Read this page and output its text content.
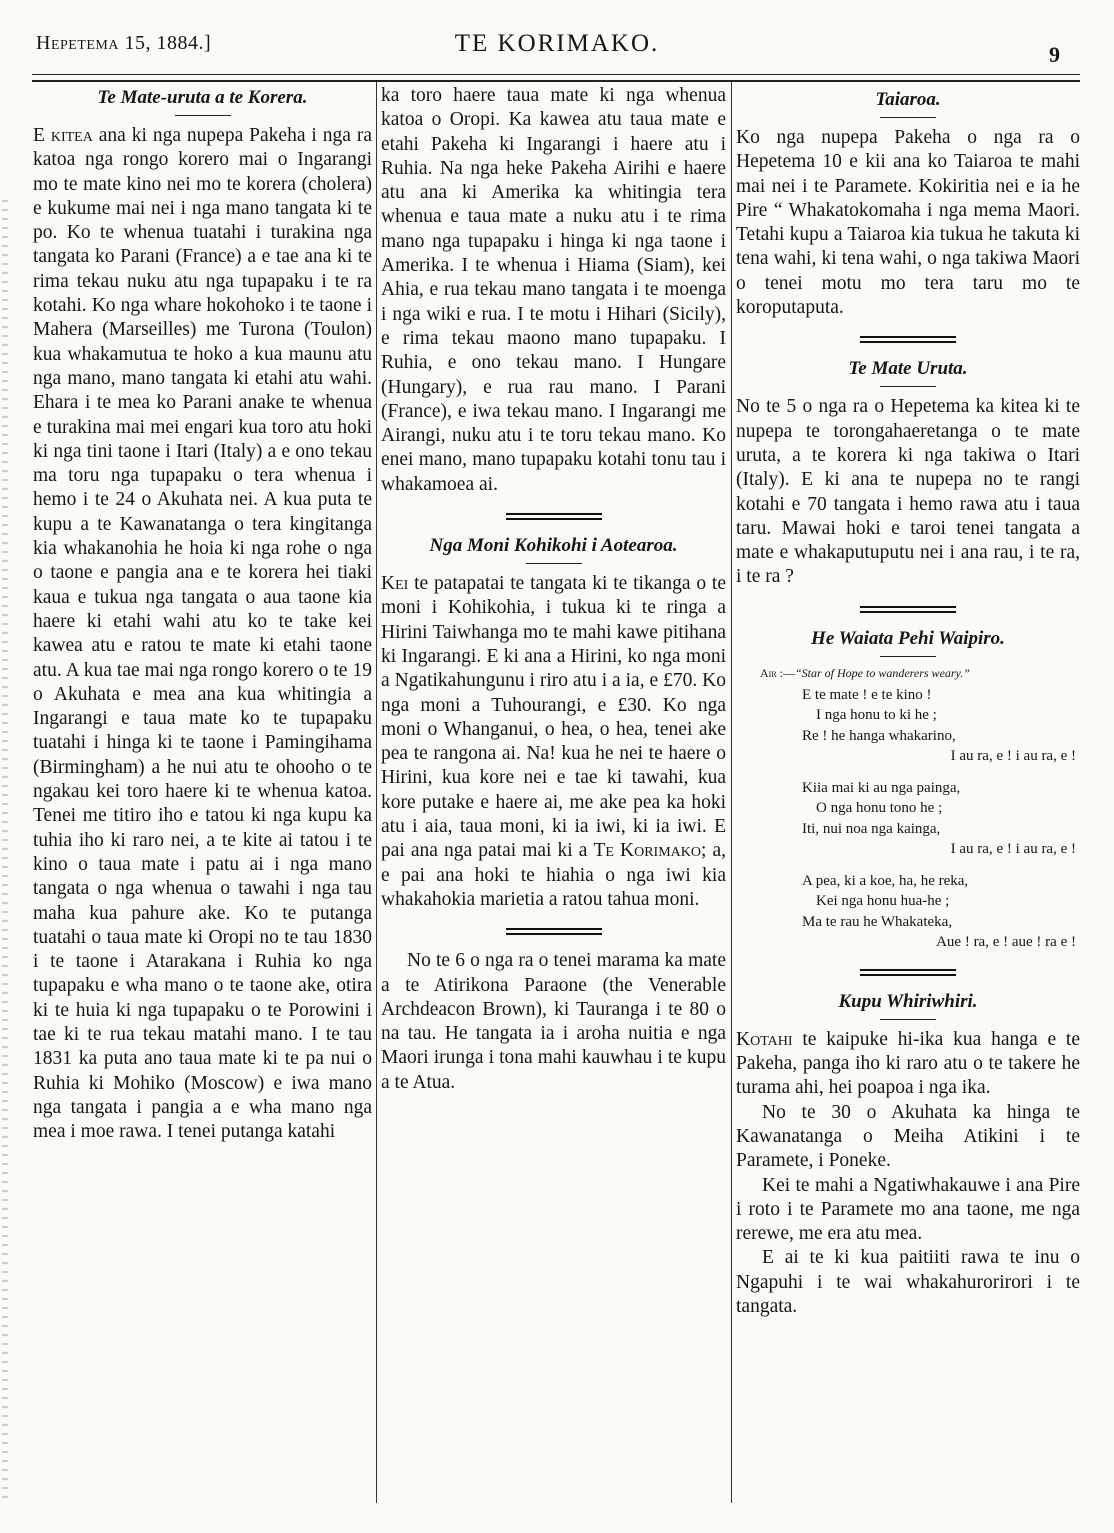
Hepetema 15, 1884.]	TE KORIMAKO.	9
Te Mate-uruta a te Korera.

E kitea ana ki nga nupepa Pakeha i nga ra katoa nga rongo korero mai o Ingarangi mo te mate kino nei mo te korera (cholera) e kukume mai nei i nga mano tangata ki te po. Ko te whenua tuatahi i turakina nga tangata ko Parani (France) a e tae ana ki te rima tekau nuku atu nga tupapaku i te ra kotahi. Ko nga whare hokohoko i te taone i Mahera (Marseilles) me Turona (Toulon) kua whakamutua te hoko a kua maunu atu nga mano, mano tangata ki etahi atu wahi. Ehara i te mea ko Parani anake te whenua e turakina mai mei engari kua toro atu hoki ki nga tini taone i Itari (Italy) a e ono tekau ma toru nga tupapaku o tera whenua i hemo i te 24 o Akuhata nei. A kua puta te kupu a te Kawanatanga o tera kingitanga kia whakanohia he hoia ki nga rohe o nga o taone e pangia ana e te korera hei tiaki kaua e tukua nga tangata o aua taone kia haere ki etahi wahi atu ko te take kei kawea atu e ratou te mate ki etahi taone atu. A kua tae mai nga rongo korero o te 19 o Akuhata e mea ana kua whitingia a Ingarangi e taua mate ko te tupapaku tuatahi i hinga ki te taone i Pamingihama (Birmingham) a he nui atu te ohooho o te ngakau kei toro haere ki te whenua katoa. Tenei me titiro iho e tatou ki nga kupu ka tuhia iho ki raro nei, a te kite ai tatou i te kino o taua mate i patu ai i nga mano tangata o nga whenua o tawahi i nga tau maha kua pahure ake. Ko te putanga tuatahi o taua mate ki Oropi no te tau 1830 i te taone i Atarakana i Ruhia ko nga tupapaku e wha mano o te taone ake, otira ki te huia ki nga tupapaku o te Porowini i tae ki te rua tekau matahi mano. I te tau 1831 ka puta ano taua mate ki te pa nui o Ruhia ki Mohiko (Moscow) e iwa mano nga tangata i pangia a e wha mano nga mea i moe rawa. I tenei putanga katahi

ka toro haere taua mate ki nga whenua katoa o Oropi. Ka kawea atu taua mate e etahi Pakeha ki Ingarangi i haere atu i Ruhia. Na nga heke Pakeha Airihi e haere atu ana ki Amerika ka whitingia tera whenua e taua mate a nuku atu i te rima mano nga tupapaku i hinga ki nga taone i Amerika. I te whenua i Hiama (Siam), kei Ahia, e rua tekau mano tangata i te moenga i nga wiki e rua. I te motu i Hihari (Sicily), e rima tekau maono mano tupapaku. I Ruhia, e ono tekau mano. I Hungare (Hungary), e rua rau mano. I Parani (France), e iwa tekau mano. I Ingarangi me Airangi, nuku atu i te toru tekau mano. Ko enei mano, mano tupapaku kotahi tonu tau i whakamoea ai.

Nga Moni Kohikohi i Aotearoa.

Kei te patapatai te tangata ki te tikanga o te moni i Kohikohia, i tukua ki te ringa a Hirini Taiwhanga mo te mahi kawe pitihana ki Ingarangi. E ki ana a Hirini, ko nga moni a Ngatikahungunu i riro atu i a ia, e £70. Ko nga moni a Tuhourangi, e £30. Ko nga moni o Whanganui, o hea, o hea, tenei ake pea te rangona ai. Na! kua he nei te haere o Hirini, kua kore nei e tae ki tawahi, kua kore putake e haere ai, me ake pea ka hoki atu i aia, taua moni, ki ia iwi, ki ia iwi. E pai ana nga patai mai ki a Te Korimako; a, e pai ana hoki te hiahia o nga iwi kia whakahokia marietia a ratou tahua moni.

No te 6 o nga ra o tenei marama ka mate a te Atirikona Paraone (the Venerable Archdeacon Brown), ki Tauranga i te 80 o na tau. He tangata ia i aroha nuitia e nga Maori irunga i tona mahi kauwhau i te kupu a te Atua.

Taiaroa.

Ko nga nupepa Pakeha o nga ra o Hepetema 10 e kii ana ko Taiaroa te mahi mai nei i te Paramete. Kokiritia nei e ia he Pire “ Whakatokomaha i nga mema Maori. Tetahi kupu a Taiaroa kia tukua he takuta ki tena wahi, ki tena wahi, o nga takiwa Maori o tenei motu mo tera taru mo te koroputaputa.

Te Mate Uruta.

No te 5 o nga ra o Hepetema ka kitea ki te nupepa te torongahaeretanga o te mate uruta, a te korera ki nga takiwa o Itari (Italy). E ki ana te nupepa no te rangi kotahi e 70 tangata i hemo rawa atu i taua taru. Mawai hoki e taroi tenei tangata a mate e whakaputuputu nei i ana rau, i te ra, i te ra ?

He Waiata Pehi Waipiro.
Air :—“Star of Hope to wanderers weary.”
E te mate ! e te kino !
I nga honu to ki he ;
Re ! he hanga whakarino,
I au ra, e ! i au ra, e !
Kiia mai ki au nga painga,
O nga honu tono he ;
Iti, nui noa nga kainga,
I au ra, e ! i au ra, e !
A pea, ki a koe, ha, he reka,
Kei nga honu hua-he ;
Ma te rau he Whakateka,
Aue ! ra, e ! aue ! ra e !
Kupu Whiriwhiri.

Kotahi te kaipuke hi-ika kua hanga e te Pakeha, panga iho ki raro atu o te takere he turama ahi, hei poapoa i nga ika.

No te 30 o Akuhata ka hinga te Kawanatanga o Meiha Atikini i te Paramete, i Poneke.

Kei te mahi a Ngatiwhakauwe i ana Pire i roto i te Paramete mo ana taone, me nga rerewe, me era atu mea.

E ai te ki kua paitiiti rawa te inu o Ngapuhi i te wai whakahurorirori i te tangata.
